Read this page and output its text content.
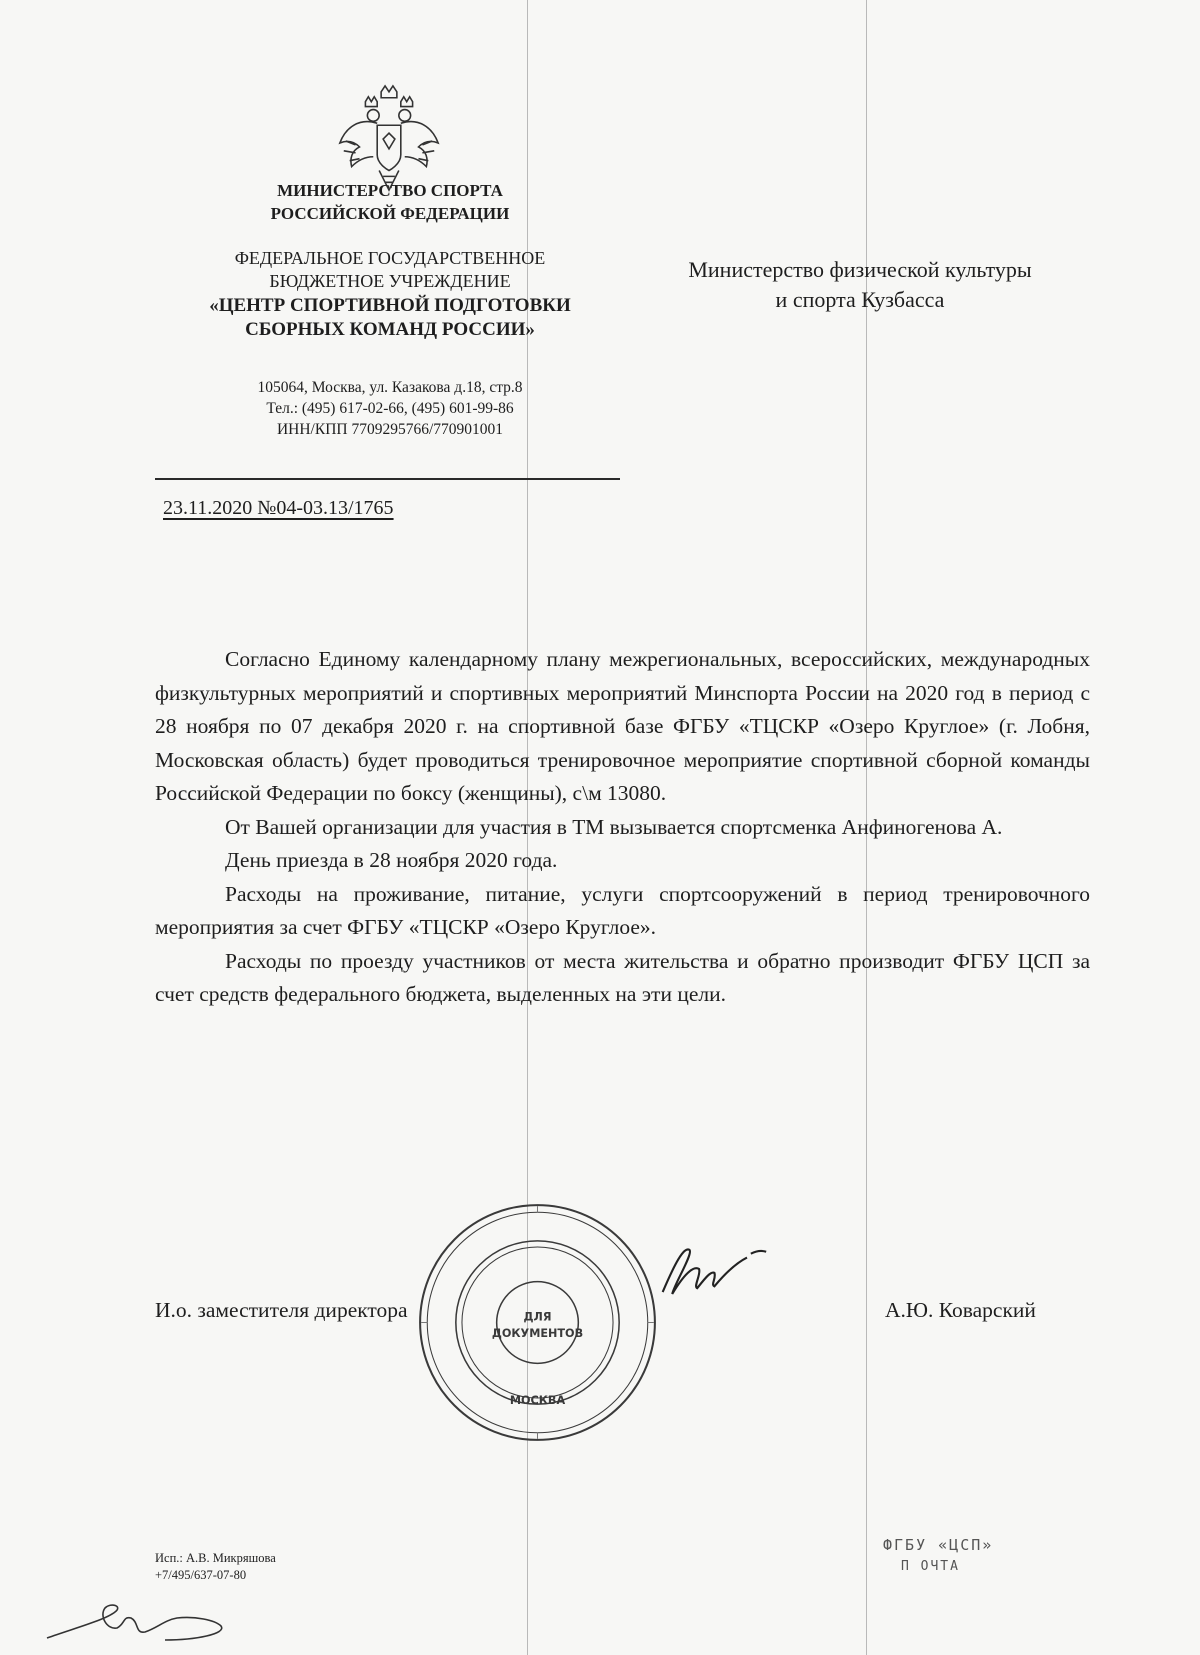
МИНИСТЕРСТВО СПОРТА
РОССИЙСКОЙ ФЕДЕРАЦИИ
ФЕДЕРАЛЬНОЕ ГОСУДАРСТВЕННОЕ
БЮДЖЕТНОЕ УЧРЕЖДЕНИЕ
«ЦЕНТР СПОРТИВНОЙ ПОДГОТОВКИ
СБОРНЫХ КОМАНД РОССИИ»
105064, Москва, ул. Казакова д.18, стр.8
Тел.: (495) 617-02-66, (495) 601-99-86
ИНН/КПП 7709295766/770901001
23.11.2020 №04-03.13/1765
Министерство физической культуры
и спорта Кузбасса

Согласно Единому календарному плану межрегиональных, всероссийских, международных физкультурных мероприятий и спортивных мероприятий Минспорта России на 2020 год в период с 28 ноября по 07 декабря 2020 г. на спортивной базе ФГБУ «ТЦСКР «Озеро Круглое» (г. Лобня, Московская область) будет проводиться тренировочное мероприятие спортивной сборной команды Российской Федерации по боксу (женщины), с\м 13080.

От Вашей организации для участия в ТМ вызывается спортсменка Анфиногенова А.

День приезда в 28 ноября 2020 года.

Расходы на проживание, питание, услуги спортсооружений в период тренировочного мероприятия за счет ФГБУ «ТЦСКР «Озеро Круглое».

Расходы по проезду участников от места жительства и обратно производит ФГБУ ЦСП за счет средств федерального бюджета, выделенных на эти цели.

ДЛЯ
ДОКУМЕНТОВ
МОСКВА
И.о. заместителя директора	А.Ю. Коварский
Исп.: А.В. Микряшова
+7/495/637-07-80
ФГБУ «ЦСП»
П ОЧТА
